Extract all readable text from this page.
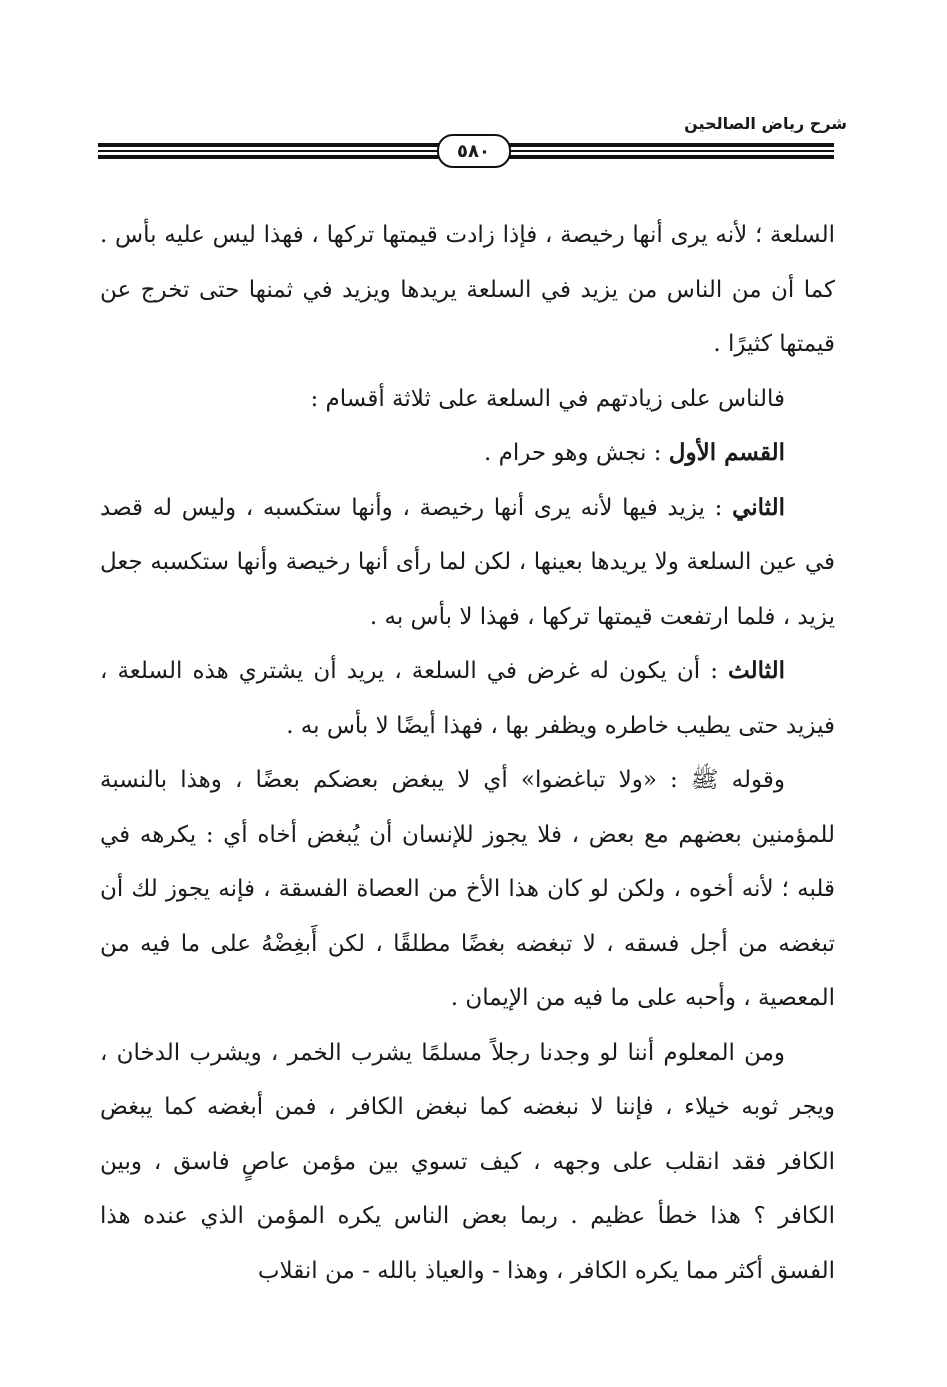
شرح رياض الصالحين
٥٨٠

السلعة ؛ لأنه يرى أنها رخيصة ، فإذا زادت قيمتها تركها ، فهذا ليس عليه بأس . كما أن من الناس من يزيد في السلعة يريدها ويزيد في ثمنها حتى تخرج عن قيمتها كثيرًا .

فالناس على زيادتهم في السلعة على ثلاثة أقسام :

القسم الأول : نجش وهو حرام .

الثاني : يزيد فيها لأنه يرى أنها رخيصة ، وأنها ستكسبه ، وليس له قصد في عين السلعة ولا يريدها بعينها ، لكن لما رأى أنها رخيصة وأنها ستكسبه جعل يزيد ، فلما ارتفعت قيمتها تركها ، فهذا لا بأس به .

الثالث : أن يكون له غرض في السلعة ، يريد أن يشتري هذه السلعة ، فيزيد حتى يطيب خاطره ويظفر بها ، فهذا أيضًا لا بأس به .

وقوله ﷺ : «ولا تباغضوا» أي لا يبغض بعضكم بعضًا ، وهذا بالنسبة للمؤمنين بعضهم مع بعض ، فلا يجوز للإنسان أن يُبغض أخاه أي : يكرهه في قلبه ؛ لأنه أخوه ، ولكن لو كان هذا الأخ من العصاة الفسقة ، فإنه يجوز لك أن تبغضه من أجل فسقه ، لا تبغضه بغضًا مطلقًا ، لكن أَبغِضْهُ على ما فيه من المعصية ، وأحبه على ما فيه من الإيمان .

ومن المعلوم أننا لو وجدنا رجلاً مسلمًا يشرب الخمر ، ويشرب الدخان ، ويجر ثوبه خيلاء ، فإننا لا نبغضه كما نبغض الكافر ، فمن أبغضه كما يبغض الكافر فقد انقلب على وجهه ، كيف تسوي بين مؤمن عاصٍ فاسق ، وبين الكافر ؟ هذا خطأ عظيم . ربما بعض الناس يكره المؤمن الذي عنده هذا الفسق أكثر مما يكره الكافر ، وهذا - والعياذ بالله - من انقلاب
